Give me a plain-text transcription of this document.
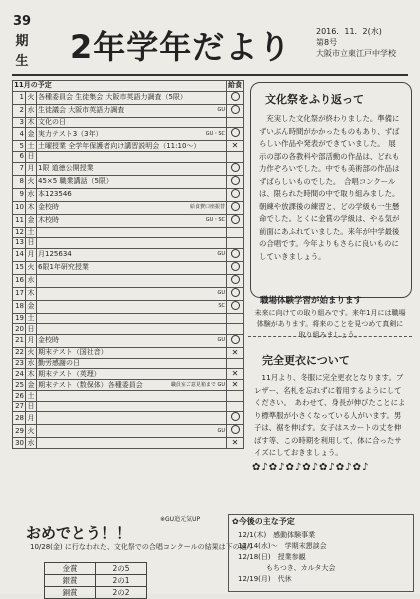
39
期
生 2年学年だより	2016．11．2(水)
第8号
大阪市立東江戸中学校
11月の予定			給食
1	火	各種委員会 生徒集会 大阪市英語力調査（5限）	
2	水	生徒議会 大阪市英語力調査 GU	

3	木	文化の日	
4	金	実力テスト3（3年） GU・SC	

5	土	土曜授業 全学年保護者向け講習説明会（11:10～）	✕
6	日		
7	月	1限 道徳公開授業	
8	火	45×5 職業講話（5限）	
9	水	本123546	
10	木	金校時 給食費口座振替	

11	金	木校時 GU・SC	

12	土		
13	日		
14	月	月125634 GU	

15	火	6限1年研究授業	
16	水		
17	木	GU	

18	金	SC	

19	土		
20	日		
21	月	金校時 GU	

22	火	期末テスト（国社音）	✕
23	水	勤労感謝の日	
24	木	期末テスト（英理）	✕
25	金	期末テスト（数保体）各種委員会 職員室ご意見箱まで GU	✕
26	土		
27	日		
28	月		
29	火	GU	

30	水		✕
※GU追元気UP
文化祭をふり返って
　充実した文化祭が終わりました。準備にずいぶん時間がかかったものもあり、ずばらしい作品や発表ができていました。　展示の部の各教科や部活動の作品は、どれも力作ぞろいでした。中でも美術部の作品はずばらしいものでした。　合唱コンクールは、限られた時間の中で取り組みました。朝練や放課後の練習と、どの学級も一生懸命でした。とくに金賞の学級は、やる気が前面にあふれていました。来年が中学最後の合唱です。今年よりもさらに良いものにしていきましょう。
職場体験学習が始まります
未来に向けての取り組みです。来年1月には職場体験があります。将来のことを見つめて真剣に取り組みましょう。
完全更衣について
　11月より、冬服に完全更衣となります。ブレザー、名札を忘れずに着用するようにしてください。　あわせて、身長が伸びたことにより標準服が小さくなっている人がいます。男子は、裾を伸ばす。女子はスカートの丈を伸ばす等、この時期を利用して、体に合ったサイズにしておきましょう。
✿♪✿♪✿♪✿♪✿♪✿♪✿♪
おめでとう！！
10/28(金) に行なわれた、文化祭での合唱コンクールの結果は下の通り
金賞	2の5
銀賞	2の1
銅賞	2の2
✿今後の主な予定
12/1(木)　感動体験事業
12/14(水)～　学期末懇談会
12/18(日)　授業参観
　　　　もちつき、カルタ大会
12/19(月)　代休
